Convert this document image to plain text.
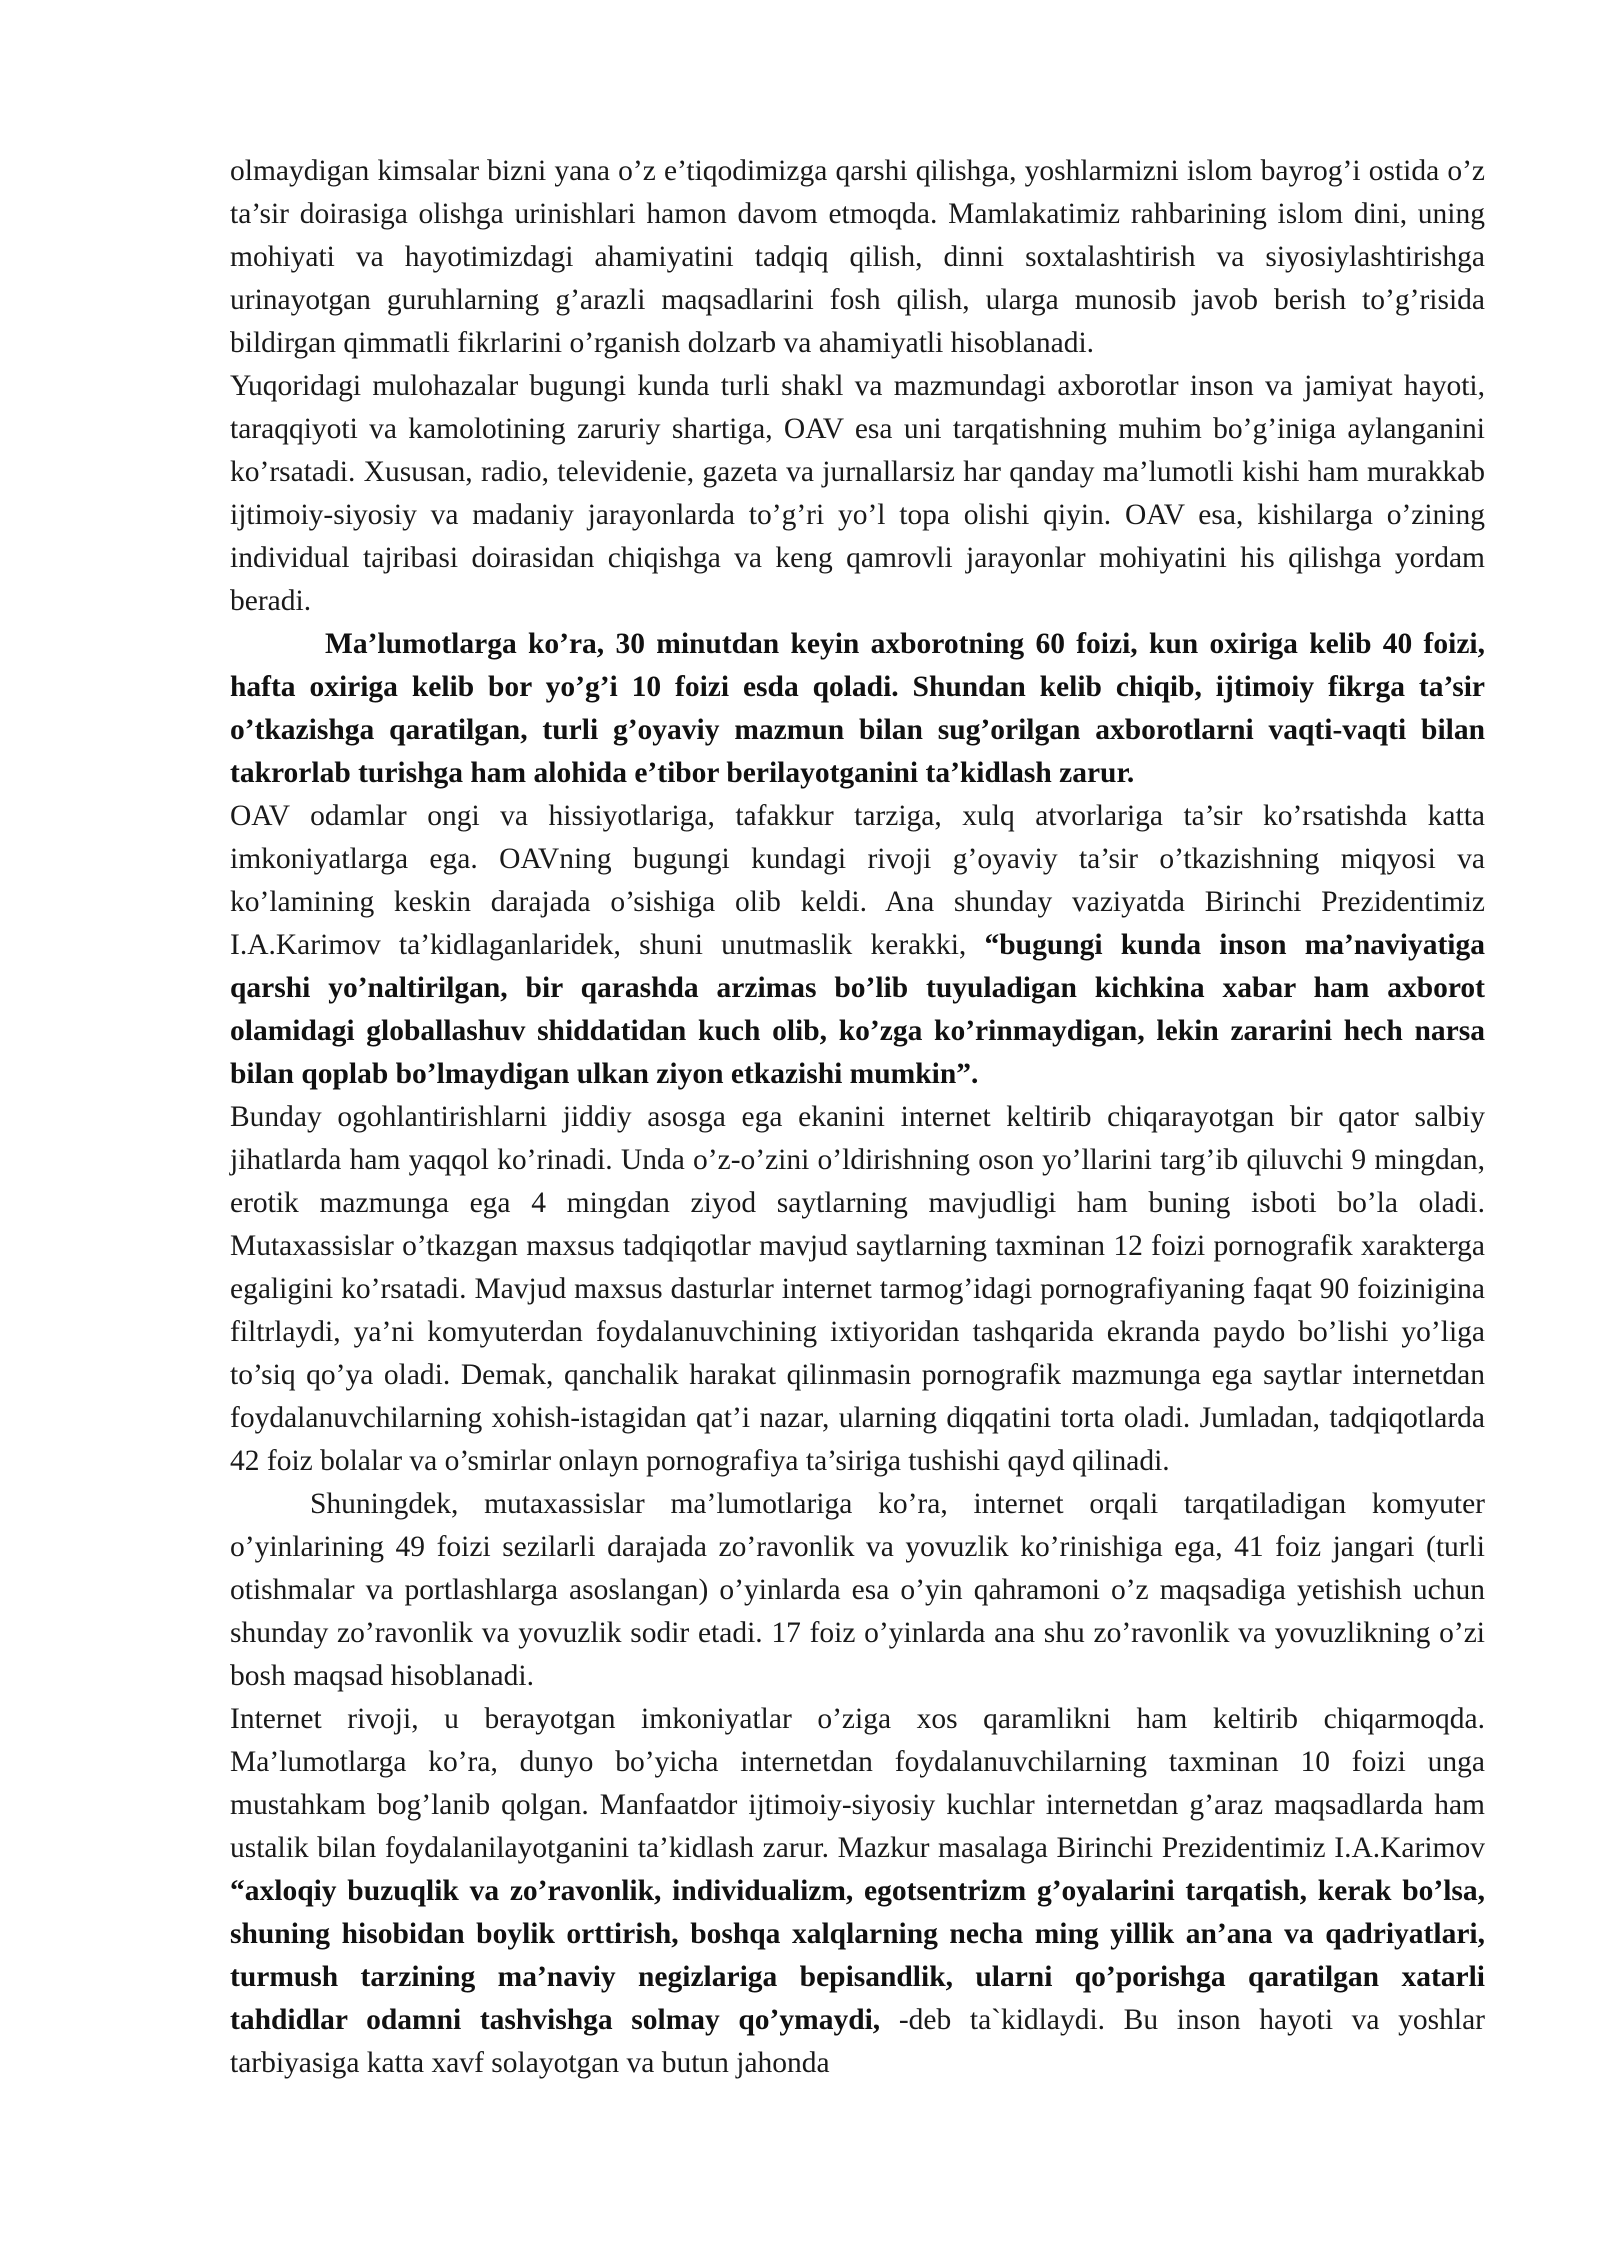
olmaydigan kimsalar bizni yana o’z e’tiqodimizga qarshi qilishga, yoshlarmizni islom bayrog’i ostida o’z ta’sir doirasiga olishga urinishlari hamon davom etmoqda. Mamlakatimiz rahbarining islom dini, uning mohiyati va hayotimizdagi ahamiyatini tadqiq qilish, dinni soxtalashtirish va siyosiylashtirishga urinayotgan guruhlarning g’arazli maqsadlarini fosh qilish, ularga munosib javob berish to’g’risida bildirgan qimmatli fikrlarini o’rganish dolzarb va ahamiyatli hisoblanadi.

Yuqoridagi mulohazalar bugungi kunda turli shakl va mazmundagi axborotlar inson va jamiyat hayoti, taraqqiyoti va kamolotining zaruriy shartiga, OAV esa uni tarqatishning muhim bo’g’iniga aylanganini ko’rsatadi. Xususan, radio, televidenie, gazeta va jurnallarsiz har qanday ma’lumotli kishi ham murakkab ijtimoiy-siyosiy va madaniy jarayonlarda to’g’ri yo’l topa olishi qiyin. OAV esa, kishilarga o’zining individual tajribasi doirasidan chiqishga va keng qamrovli jarayonlar mohiyatini his qilishga yordam beradi.

Ma’lumotlarga ko’ra, 30 minutdan keyin axborotning 60 foizi, kun oxiriga kelib 40 foizi, hafta oxiriga kelib bor yo’g’i 10 foizi esda qoladi. Shundan kelib chiqib, ijtimoiy fikrga ta’sir o’tkazishga qaratilgan, turli g’oyaviy mazmun bilan sug’orilgan axborotlarni vaqti-vaqti bilan takrorlab turishga ham alohida e’tibor berilayotganini ta’kidlash zarur.

OAV odamlar ongi va hissiyotlariga, tafakkur tarziga, xulq atvorlariga ta’sir ko’rsatishda katta imkoniyatlarga ega. OAVning bugungi kundagi rivoji g’oyaviy ta’sir o’tkazishning miqyosi va ko’lamining keskin darajada o’sishiga olib keldi. Ana shunday vaziyatda Birinchi Prezidentimiz I.A.Karimov ta’kidlaganlaridek, shuni unutmaslik kerakki, “bugungi kunda inson ma’naviyatiga qarshi yo’naltirilgan, bir qarashda arzimas bo’lib tuyuladigan kichkina xabar ham axborot olamidagi globallashuv shiddatidan kuch olib, ko’zga ko’rinmaydigan, lekin zararini hech narsa bilan qoplab bo’lmaydigan ulkan ziyon etkazishi mumkin”.

Bunday ogohlantirishlarni jiddiy asosga ega ekanini internet keltirib chiqarayotgan bir qator salbiy jihatlarda ham yaqqol ko’rinadi. Unda o’z-o’zini o’ldirishning oson yo’llarini targ’ib qiluvchi 9 mingdan, erotik mazmunga ega 4 mingdan ziyod saytlarning mavjudligi ham buning isboti bo’la oladi. Mutaxassislar o’tkazgan maxsus tadqiqotlar mavjud saytlarning taxminan 12 foizi pornografik xarakterga egaligini ko’rsatadi. Mavjud maxsus dasturlar internet tarmog’idagi pornografiyaning faqat 90 foizinigina filtrlaydi, ya’ni komyuterdan foydalanuvchining ixtiyoridan tashqarida ekranda paydo bo’lishi yo’liga to’siq qo’ya oladi. Demak, qanchalik harakat qilinmasin pornografik mazmunga ega saytlar internetdan foydalanuvchilarning xohish-istagidan qat’i nazar, ularning diqqatini torta oladi. Jumladan, tadqiqotlarda 42 foiz bolalar va o’smirlar onlayn pornografiya ta’siriga tushishi qayd qilinadi.

Shuningdek, mutaxassislar ma’lumotlariga ko’ra, internet orqali tarqatiladigan komyuter o’yinlarining 49 foizi sezilarli darajada zo’ravonlik va yovuzlik ko’rinishiga ega, 41 foiz jangari (turli otishmalar va portlashlarga asoslangan) o’yinlarda esa o’yin qahramoni o’z maqsadiga yetishish uchun shunday zo’ravonlik va yovuzlik sodir etadi. 17 foiz o’yinlarda ana shu zo’ravonlik va yovuzlikning o’zi bosh maqsad hisoblanadi.

Internet rivoji, u berayotgan imkoniyatlar o’ziga xos qaramlikni ham keltirib chiqarmoqda. Ma’lumotlarga ko’ra, dunyo bo’yicha internetdan foydalanuvchilarning taxminan 10 foizi unga mustahkam bog’lanib qolgan. Manfaatdor ijtimoiy-siyosiy kuchlar internetdan g’araz maqsadlarda ham ustalik bilan foydalanilayotganini ta’kidlash zarur. Mazkur masalaga Birinchi Prezidentimiz I.A.Karimov “axloqiy buzuqlik va zo’ravonlik, individualizm, egotsentrizm g’oyalarini tarqatish, kerak bo’lsa, shuning hisobidan boylik orttirish, boshqa xalqlarning necha ming yillik an’ana va qadriyatlari, turmush tarzining ma’naviy negizlariga bepisandlik, ularni qo’porishga qaratilgan xatarli tahdidlar odamni tashvishga solmay qo’ymaydi, -deb ta`kidlaydi. Bu inson hayoti va yoshlar tarbiyasiga katta xavf solayotgan va butun jahonda
